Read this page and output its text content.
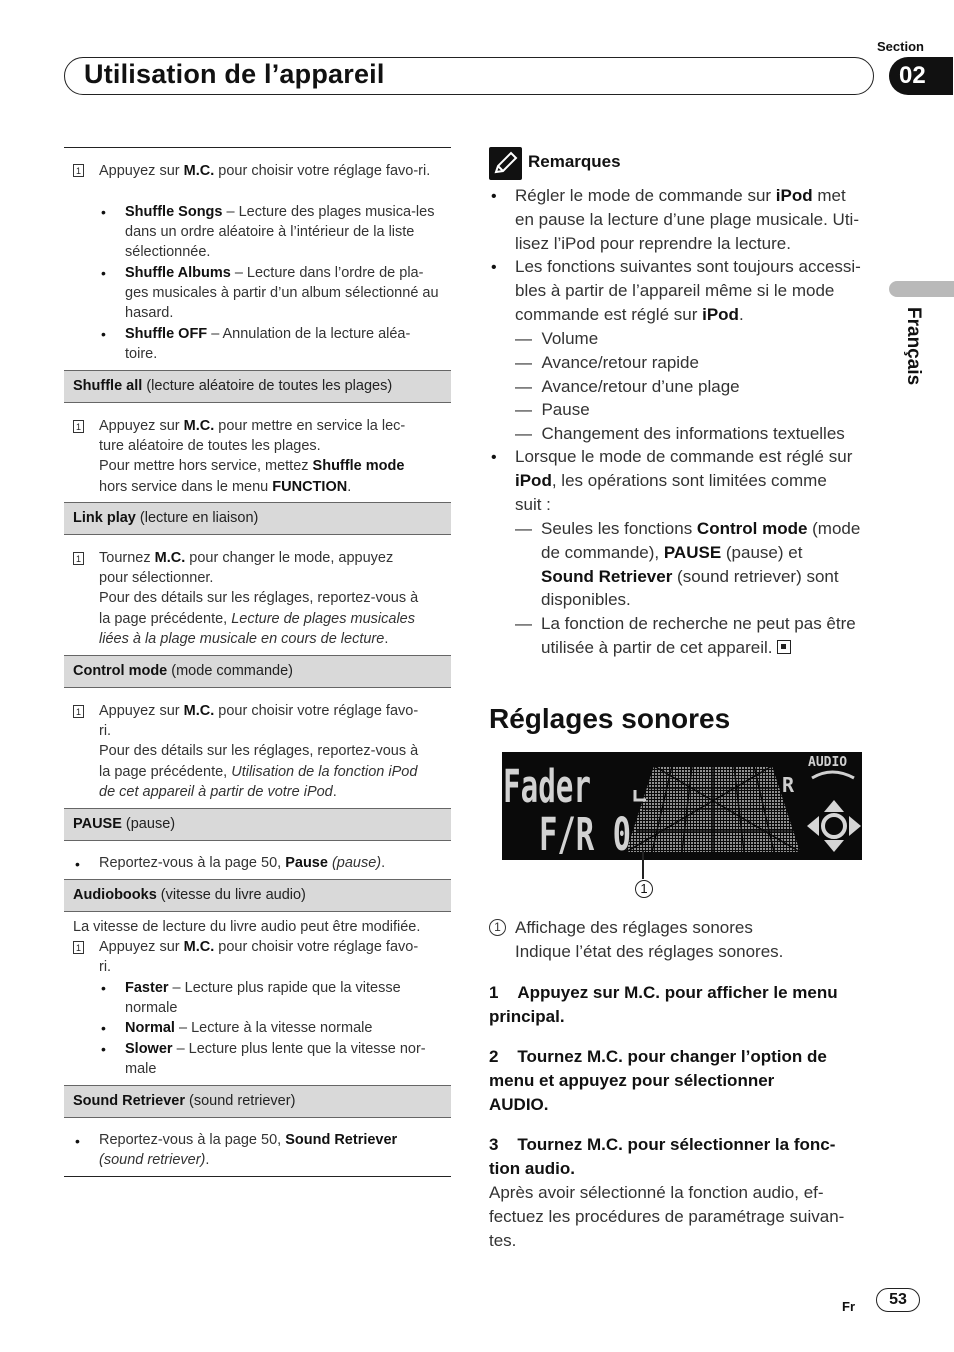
Utilisation de l’appareil
Section
02
Français
1 Appuyez sur M.C. pour choisir votre réglage favo-ri.
• Shuffle Songs – Lecture des plages musica-les dans un ordre aléatoire à l’intérieur de la liste sélectionnée.
• Shuffle Albums – Lecture dans l’ordre de pla-ges musicales à partir d’un album sélectionné au hasard.
• Shuffle OFF – Annulation de la lecture aléa-toire.
Shuffle all (lecture aléatoire de toutes les plages)
1 Appuyez sur M.C. pour mettre en service la lec-
ture aléatoire de toutes les plages.
Pour mettre hors service, mettez Shuffle mode
hors service dans le menu FUNCTION.
Link play (lecture en liaison)
1 Tournez M.C. pour changer le mode, appuyez
pour sélectionner.
Pour des détails sur les réglages, reportez-vous à
la page précédente, Lecture de plages musicales
liées à la plage musicale en cours de lecture.
Control mode (mode commande)
1 Appuyez sur M.C. pour choisir votre réglage favo-
ri.
Pour des détails sur les réglages, reportez-vous à
la page précédente, Utilisation de la fonction iPod
de cet appareil à partir de votre iPod.
PAUSE (pause)
• Reportez-vous à la page 50, Pause (pause).
Audiobooks (vitesse du livre audio)
La vitesse de lecture du livre audio peut être modifiée.
1 Appuyez sur M.C. pour choisir votre réglage favo-
ri.
• Faster – Lecture plus rapide que la vitesse
normale
• Normal – Lecture à la vitesse normale
• Slower – Lecture plus lente que la vitesse nor-
male
Sound Retriever (sound retriever)
• Reportez-vous à la page 50, Sound Retriever
(sound retriever).
Remarques
• Régler le mode de commande sur iPod met
en pause la lecture d’une plage musicale. Uti-
lisez l’iPod pour reprendre la lecture.
• Les fonctions suivantes sont toujours accessi-
bles à partir de l’appareil même si le mode
commande est réglé sur iPod.
—  Volume
—  Avance/retour rapide
—  Avance/retour d’une plage
—  Pause
—  Changement des informations textuelles
• Lorsque le mode de commande est réglé sur
iPod, les opérations sont limitées comme
suit :
— Seules les fonctions Control mode (mode
de commande), PAUSE (pause) et
Sound Retriever (sound retriever) sont
disponibles.
— La fonction de recherche ne peut pas être
utilisée à partir de cet appareil.
Réglages sonores
R
AUDIO
Fader
F/R 0
1
1 Affichage des réglages sonores
Indique l’état des réglages sonores.
1 Appuyez sur M.C. pour afficher le menu
principal.
2 Tournez M.C. pour changer l’option de
menu et appuyez pour sélectionner
AUDIO.
3 Tournez M.C. pour sélectionner la fonc-
tion audio.
Après avoir sélectionné la fonction audio, ef-
fectuez les procédures de paramétrage suivan-
tes.
Fr	53
